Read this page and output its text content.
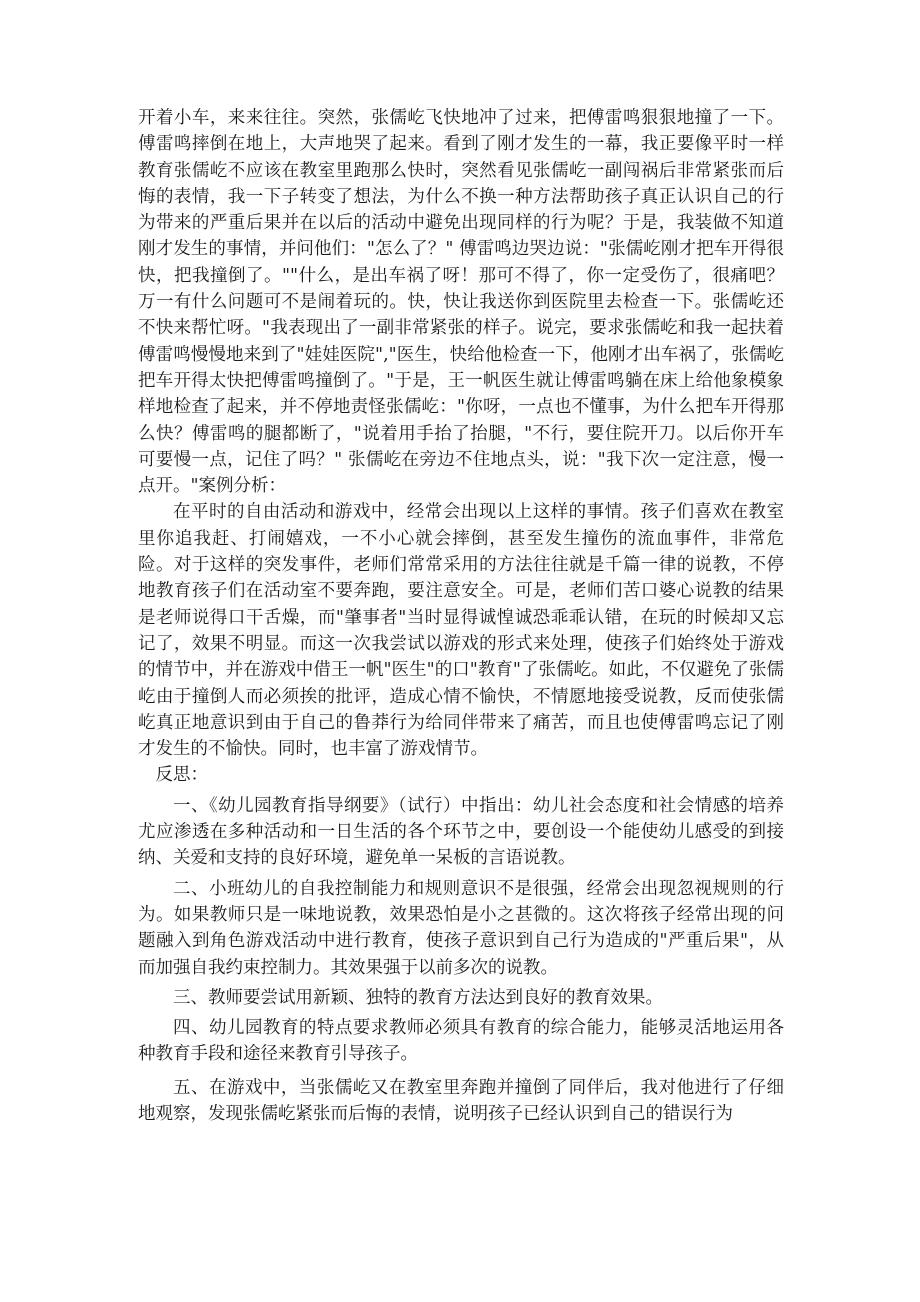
开着小车，来来往往。突然，张儒屹飞快地冲了过来，把傅雷鸣狠狠地撞了一下。傅雷鸣摔倒在地上，大声地哭了起来。看到了刚才发生的一幕，我正要像平时一样教育张儒屹不应该在教室里跑那么快时，突然看见张儒屹一副闯祸后非常紧张而后悔的表情，我一下子转变了想法，为什么不换一种方法帮助孩子真正认识自己的行为带来的严重后果并在以后的活动中避免出现同样的行为呢？于是，我装做不知道刚才发生的事情，并问他们："怎么了？" 傅雷鸣边哭边说："张儒屹刚才把车开得很快，把我撞倒了。""什么，是出车祸了呀！那可不得了，你一定受伤了，很痛吧？万一有什么问题可不是闹着玩的。快，快让我送你到医院里去检查一下。张儒屹还不快来帮忙呀。"我表现出了一副非常紧张的样子。说完，要求张儒屹和我一起扶着傅雷鸣慢慢地来到了"娃娃医院","医生，快给他检查一下，他刚才出车祸了，张儒屹把车开得太快把傅雷鸣撞倒了。"于是，王一帆医生就让傅雷鸣躺在床上给他象模象样地检查了起来，并不停地责怪张儒屹："你呀，一点也不懂事，为什么把车开得那么快？傅雷鸣的腿都断了，"说着用手抬了抬腿，"不行，要住院开刀。以后你开车可要慢一点，记住了吗？" 张儒屹在旁边不住地点头，说："我下次一定注意，慢一点开。"案例分析：

在平时的自由活动和游戏中，经常会出现以上这样的事情。孩子们喜欢在教室里你追我赶、打闹嬉戏，一不小心就会摔倒，甚至发生撞伤的流血事件，非常危险。对于这样的突发事件，老师们常常采用的方法往往就是千篇一律的说教，不停地教育孩子们在活动室不要奔跑，要注意安全。可是，老师们苦口婆心说教的结果是老师说得口干舌燥，而"肇事者"当时显得诚惶诚恐乖乖认错，在玩的时候却又忘记了，效果不明显。而这一次我尝试以游戏的形式来处理，使孩子们始终处于游戏的情节中，并在游戏中借王一帆"医生"的口"教育"了张儒屹。如此，不仅避免了张儒屹由于撞倒人而必须挨的批评，造成心情不愉快，不情愿地接受说教，反而使张儒屹真正地意识到由于自己的鲁莽行为给同伴带来了痛苦，而且也使傅雷鸣忘记了刚才发生的不愉快。同时，也丰富了游戏情节。

反思：

一、《幼儿园教育指导纲要》（试行）中指出：幼儿社会态度和社会情感的培养尤应渗透在多种活动和一日生活的各个环节之中，要创设一个能使幼儿感受的到接纳、关爱和支持的良好环境，避免单一呆板的言语说教。

二、小班幼儿的自我控制能力和规则意识不是很强，经常会出现忽视规则的行为。如果教师只是一味地说教，效果恐怕是小之甚微的。这次将孩子经常出现的问题融入到角色游戏活动中进行教育，使孩子意识到自己行为造成的"严重后果"，从而加强自我约束控制力。其效果强于以前多次的说教。

三、教师要尝试用新颖、独特的教育方法达到良好的教育效果。

四、幼儿园教育的特点要求教师必须具有教育的综合能力，能够灵活地运用各种教育手段和途径来教育引导孩子。

五、在游戏中，当张儒屹又在教室里奔跑并撞倒了同伴后，我对他进行了仔细地观察，发现张儒屹紧张而后悔的表情，说明孩子已经认识到自己的错误行为
